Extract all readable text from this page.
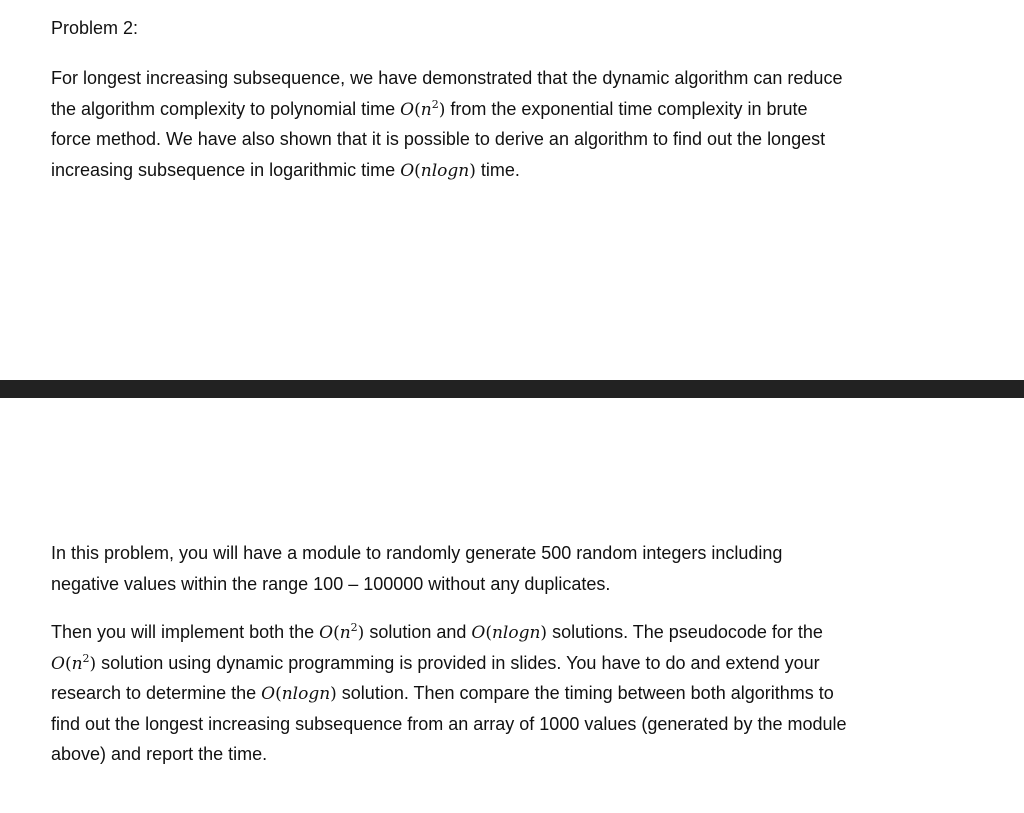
Problem 2:

For longest increasing subsequence, we have demonstrated that the dynamic algorithm can reduce
the algorithm complexity to polynomial time $O(n^2)$ from the exponential time complexity in brute
force method. We have also shown that it is possible to derive an algorithm to find out the longest
increasing subsequence in logarithmic time O(nlogn) time.

In this problem, you will have a module to randomly generate 500 random integers including
negative values within the range 100 – 100000 without any duplicates.

Then you will implement both the $O(n^2)$ solution and O(nlogn) solutions. The pseudocode for the
$O(n^2)$ solution using dynamic programming is provided in slides. You have to do and extend your
research to determine the O(nlogn) solution. Then compare the timing between both algorithms to
find out the longest increasing subsequence from an array of 1000 values (generated by the module
above) and report the time.
